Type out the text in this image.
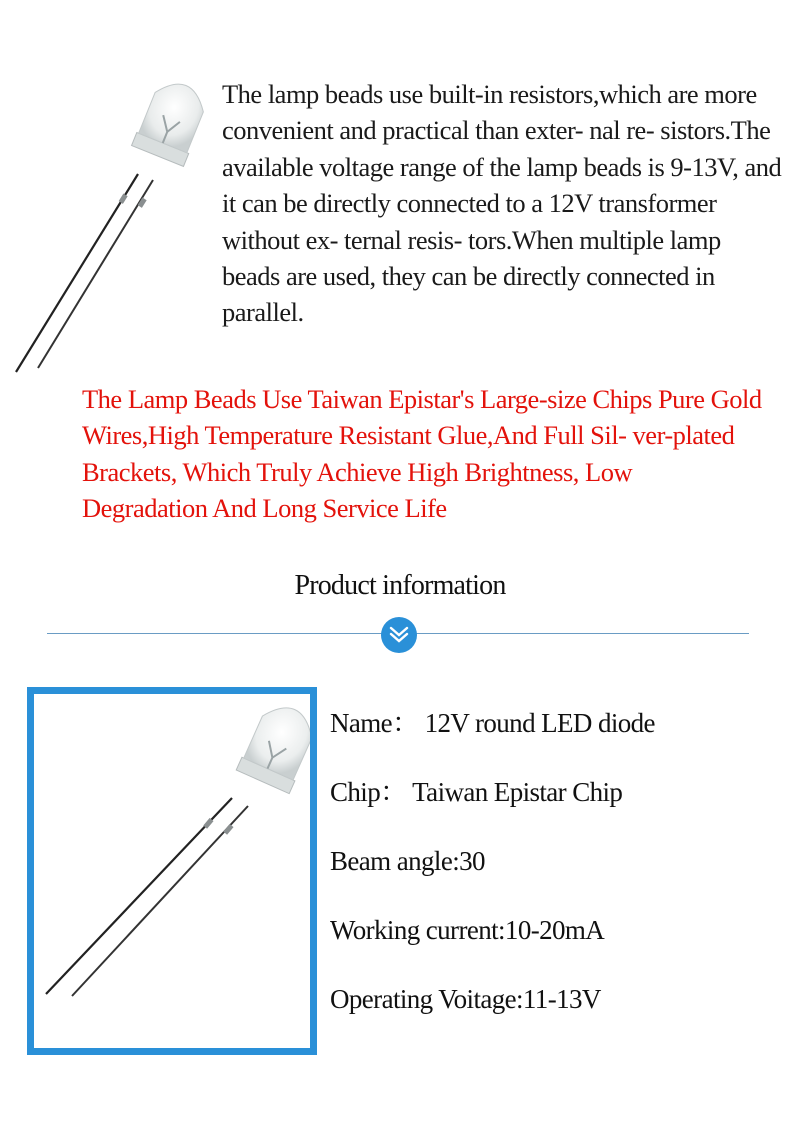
The lamp beads use built-in resistors,which are more convenient and practical than exter- nal re- sistors.The available voltage range of the lamp beads is 9-13V, and it can be directly connected to a 12V transformer without ex- ternal resis- tors.When multiple lamp beads are used, they can be directly connected in parallel.

The Lamp Beads Use Taiwan Epistar's Large-size Chips Pure Gold Wires,High Temperature Resistant Glue,And Full Sil- ver-plated Brackets, Which Truly Achieve High Brightness, Low Degradation And Long Service Life

Product information
Name： 12V round LED diode
Chip： Taiwan Epistar Chip
Beam angle:30
Working current:10-20mA
Operating Voitage:11-13V
